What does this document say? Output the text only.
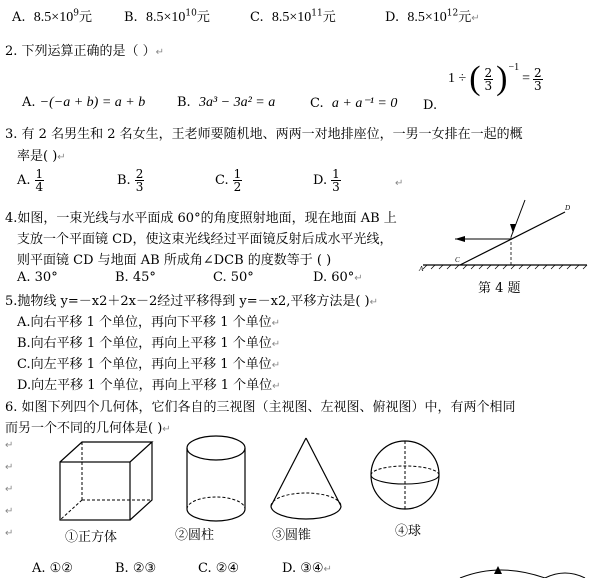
A. $8.5\times 10^9$元 B. $8.5\times 10^{10}$元	C. $8.5\times 10^{11}$元	D. $8.5\times 10^{12}$元↵
2. 下列运算正确的是（ ）↵
A. −(−a + b) = a + b B. 3a³ − 3a² = a	C. a + a⁻¹ = 0 D.
1 ÷ ( $\frac{2}{3} )^{-1}$
= $\frac{2}{3}$
3. 有 2 名男生和 2 名女生，王老师要随机地、两两一对地排座位，一男一女排在一起的概
率是( )↵
A. $\frac{1}{4}$	B. $\frac{2}{3}$	C. $\frac{1}{2}$	D. $\frac{1}{3}$	↵
4.如图，一束光线与水平面成 60°的角度照射地面，现在地面 AB 上
支放一个平面镜 CD，使这束光线经过平面镜反射后成水平光线，
则平面镜 CD 与地面 AB 所成角∠DCB 的度数等于 ( )
A. 30°	B. 45°	C. 50°	D. 60°↵
A
C
D
第 4 题
5.抛物线 y=－x2＋2x－2经过平移得到 y=－x2,平移方法是( )↵
A.向右平移 1 个单位，再向下平移 1 个单位↵
B.向右平移 1 个单位，再向上平移 1 个单位↵
C.向左平移 1 个单位，再向上平移 1 个单位↵
D.向左平移 1 个单位，再向上平移 1 个单位↵
6. 如图下列四个几何体，它们各自的三视图（主视图、左视图、俯视图）中，有两个相同
而另一个不同的几何体是( )↵
↵
↵
↵
↵
↵	①正方体	②圆柱	③圆锥	④球
A. ①②	B. ②③	C. ②④	D. ③④↵
